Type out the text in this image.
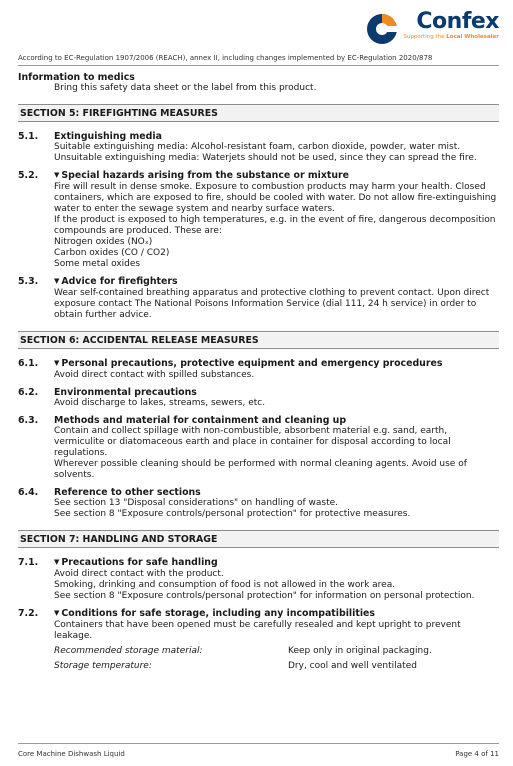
Confex
Supporting the Local Wholesaler
According to EC-Regulation 1907/2006 (REACH), annex II, including changes implemented by EC-Regulation 2020/878
Information to medics
Bring this safety data sheet or the label from this product.
SECTION 5: FIREFIGHTING MEASURES
5.1.	Extinguishing media
Suitable extinguishing media: Alcohol-resistant foam, carbon dioxide, powder, water mist.
Unsuitable extinguishing media: Waterjets should not be used, since they can spread the fire.
5.2.	▼ Special hazards arising from the substance or mixture
Fire will result in dense smoke. Exposure to combustion products may harm your health. Closed containers, which are exposed to fire, should be cooled with water. Do not allow fire-extinguishing water to enter the sewage system and nearby surface waters.
If the product is exposed to high temperatures, e.g. in the event of fire, dangerous decomposition compounds are produced. These are:
Nitrogen oxides (NOₓ)
Carbon oxides (CO / CO2)
Some metal oxides
5.3.	▼ Advice for firefighters
Wear self-contained breathing apparatus and protective clothing to prevent contact. Upon direct exposure contact The National Poisons Information Service (dial 111, 24 h service) in order to obtain further advice.
SECTION 6: ACCIDENTAL RELEASE MEASURES
6.1.	▼ Personal precautions, protective equipment and emergency procedures
Avoid direct contact with spilled substances.
6.2.	Environmental precautions
Avoid discharge to lakes, streams, sewers, etc.
6.3.	Methods and material for containment and cleaning up
Contain and collect spillage with non-combustible, absorbent material e.g. sand, earth, vermiculite or diatomaceous earth and place in container for disposal according to local regulations.
Wherever possible cleaning should be performed with normal cleaning agents. Avoid use of solvents.
6.4.	Reference to other sections
See section 13 "Disposal considerations" on handling of waste.
See section 8 "Exposure controls/personal protection" for protective measures.
SECTION 7: HANDLING AND STORAGE
7.1.	▼ Precautions for safe handling
Avoid direct contact with the product.
Smoking, drinking and consumption of food is not allowed in the work area.
See section 8 "Exposure controls/personal protection" for information on personal protection.
7.2.	▼ Conditions for safe storage, including any incompatibilities
Containers that have been opened must be carefully resealed and kept upright to prevent leakage.
Recommended storage material:	Keep only in original packaging.
Storage temperature:	Dry, cool and well ventilated
Core Machine Dishwash Liquid	Page 4 of 11
